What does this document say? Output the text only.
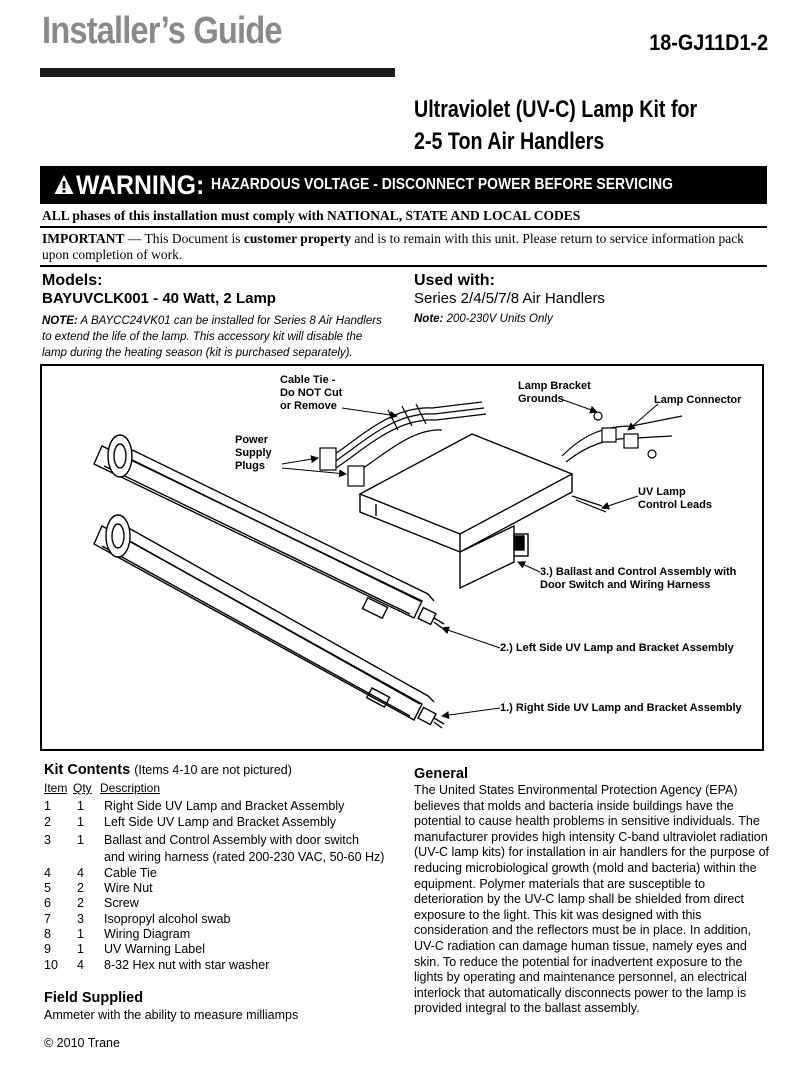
Installer’s Guide	18-GJ11D1-2
Ultraviolet (UV-C) Lamp Kit for
2-5 Ton Air Handlers
WARNING: HAZARDOUS VOLTAGE - DISCONNECT POWER BEFORE SERVICING
ALL phases of this installation must comply with NATIONAL, STATE AND LOCAL CODES
IMPORTANT — This Document is customer property and is to remain with this unit. Please return to service information pack upon completion of work.
Models:
BAYUVCLK001 - 40 Watt, 2 Lamp
NOTE: A BAYCC24VK01 can be installed for Series 8 Air Handlers to extend the life of the lamp. This accessory kit will disable the lamp during the heating season (kit is purchased separately).
Used with:
Series 2/4/5/7/8 Air Handlers
Note: 200-230V Units Only
Cable Tie -
Do NOT Cut
or Remove
Lamp Bracket
Grounds	Lamp Connector
Power
Supply
Plugs
UV Lamp
Control Leads
3.) Ballast and Control Assembly with
Door Switch and Wiring Harness
2.) Left Side UV Lamp and Bracket Assembly
1.) Right Side UV Lamp and Bracket Assembly
Kit Contents (Items 4-10 are not pictured)
Item Qty Description
1 1 Right Side UV Lamp and Bracket Assembly
2 1 Left Side UV Lamp and Bracket Assembly
3 1 Ballast and Control Assembly with door switch
and wiring harness (rated 200-230 VAC, 50-60 Hz)
4 4 Cable Tie
5 2 Wire Nut
6 2 Screw
7 3 Isopropyl alcohol swab
8 1 Wiring Diagram
9 1 UV Warning Label
10 4 8-32 Hex nut with star washer
Field Supplied
Ammeter with the ability to measure milliamps
© 2010 Trane
General
The United States Environmental Protection Agency (EPA) believes that molds and bacteria inside buildings have the potential to cause health problems in sensitive individuals. The manufacturer provides high intensity C-band ultraviolet radiation (UV-C lamp kits) for installation in air handlers for the purpose of reducing microbiological growth (mold and bacteria) within the equipment. Polymer materials that are susceptible to deterioration by the UV-C lamp shall be shielded from direct exposure to the light. This kit was designed with this consideration and the reflectors must be in place. In addition, UV-C radiation can damage human tissue, namely eyes and skin. To reduce the potential for inadvertent exposure to the lights by operating and maintenance personnel, an electrical interlock that automatically disconnects power to the lamp is provided integral to the ballast assembly.
